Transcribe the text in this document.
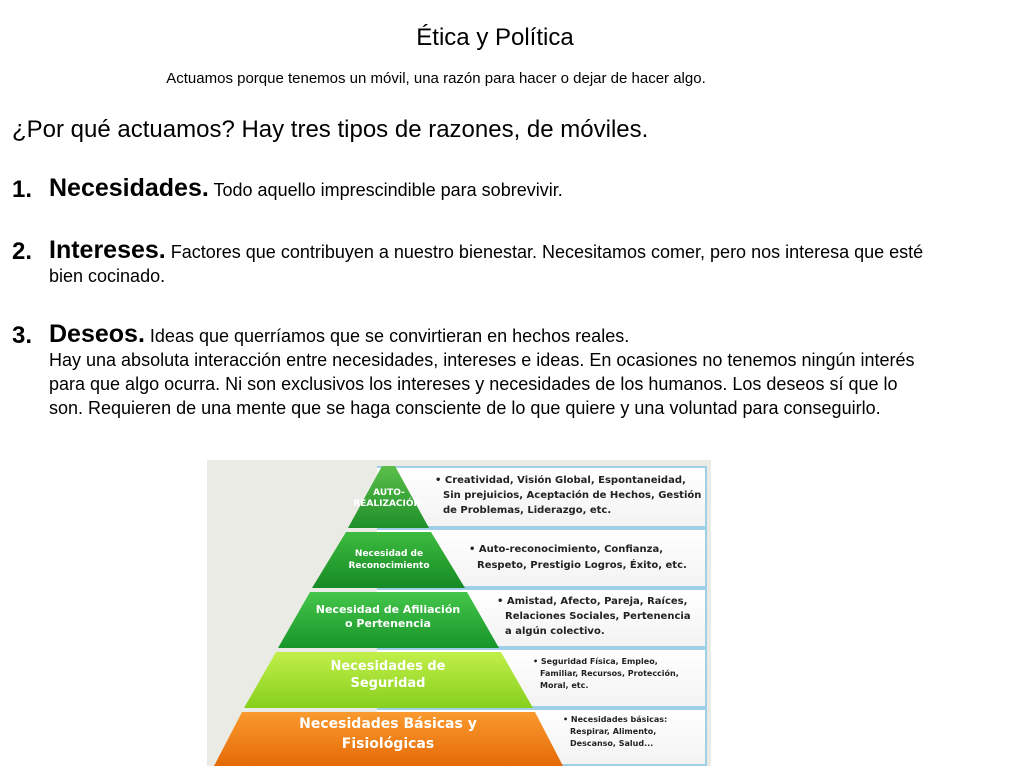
Ética y Política
Actuamos porque tenemos un móvil, una razón para hacer o dejar de hacer algo.
¿Por qué actuamos? Hay tres tipos de razones, de móviles.
1. Necesidades. Todo aquello imprescindible para sobrevivir.
2. Intereses. Factores que contribuyen a nuestro bienestar. Necesitamos comer, pero nos interesa que esté
bien cocinado.
3. Deseos. Ideas que querríamos que se convirtieran en hechos reales.
Hay una absoluta interacción entre necesidades, intereses e ideas. En ocasiones no tenemos ningún interés
para que algo ocurra. Ni son exclusivos los intereses y necesidades de los humanos. Los deseos sí que lo
son. Requieren de una mente que se haga consciente de lo que quiere y una voluntad para conseguirlo.
AUTO-
REALIZACIÓN:
Necesidad de
Reconocimiento
Necesidad de Afiliación
o Pertenencia
Necesidades de
Seguridad
Necesidades Básicas y
Fisiológicas
• Creatividad, Visión Global, Espontaneidad,
Sin prejuicios, Aceptación de Hechos, Gestión
de Problemas, Liderazgo, etc.
• Auto-reconocimiento, Confianza,
Respeto, Prestigio Logros, Éxito, etc.
• Amistad, Afecto, Pareja, Raíces,
Relaciones Sociales, Pertenencia
a algún colectivo.
• Seguridad Física, Empleo,
Familiar, Recursos, Protección,
Moral, etc.
• Necesidades básicas:
Respirar, Alimento,
Descanso, Salud...
